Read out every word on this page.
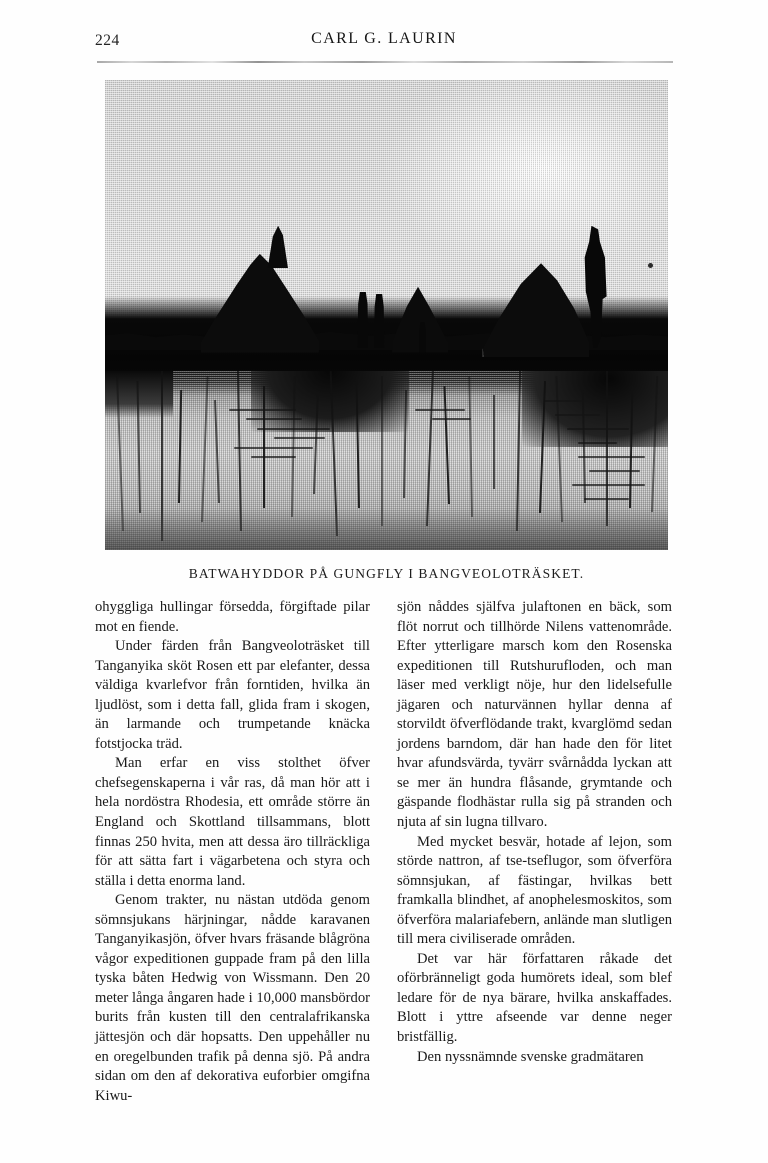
224	CARL G. LAURIN
BATWAHYDDOR PÅ GUNGFLY I BANGVEOLOTRÄSKET.

ohyggliga hullingar försedda, förgiftade pilar mot en fiende.

Under färden från Bangveoloträsket till Tanganyika sköt Rosen ett par elefanter, dessa väldiga kvarlefvor från forntiden, hvilka än ljudlöst, som i detta fall, glida fram i skogen, än larmande och trumpetande knäcka fotstjocka träd.

Man erfar en viss stolthet öfver chefsegenskaperna i vår ras, då man hör att i hela nordöstra Rhodesia, ett område större än England och Skottland tillsammans, blott finnas 250 hvita, men att dessa äro tillräckliga för att sätta fart i vägarbetena och styra och ställa i detta enorma land.

Genom trakter, nu nästan utdöda genom sömnsjukans härjningar, nådde karavanen Tanganyikasjön, öfver hvars fräsande blågröna vågor expeditionen guppade fram på den lilla tyska båten Hedwig von Wissmann. Den 20 meter långa ångaren hade i 10,000 mansbördor burits från kusten till den centralafrikanska jättesjön och där hopsatts. Den uppehåller nu en oregelbunden trafik på denna sjö. På andra sidan om den af dekorativa euforbier omgifna Kiwu-

sjön nåddes själfva julaftonen en bäck, som flöt norrut och tillhörde Nilens vattenområde. Efter ytterligare marsch kom den Rosenska expeditionen till Rutshurufloden, och man läser med verkligt nöje, hur den lidelsefulle jägaren och naturvännen hyllar denna af storvildt öfverflödande trakt, kvarglömd sedan jordens barndom, där han hade den för litet hvar afundsvärda, tyvärr svårnådda lyckan att se mer än hundra flåsande, grymtande och gäspande flodhästar rulla sig på stranden och njuta af sin lugna tillvaro.

Med mycket besvär, hotade af lejon, som störde nattron, af tse-tseflugor, som öfverföra sömnsjukan, af fästingar, hvilkas bett framkalla blindhet, af anophelesmoskitos, som öfverföra malariafebern, anlände man slutligen till mera civiliserade områden.

Det var här författaren råkade det oförbränneligt goda humörets ideal, som blef ledare för de nya bärare, hvilka anskaffades. Blott i yttre afseende var denne neger bristfällig.

Den nyssnämnde svenske gradmätaren
